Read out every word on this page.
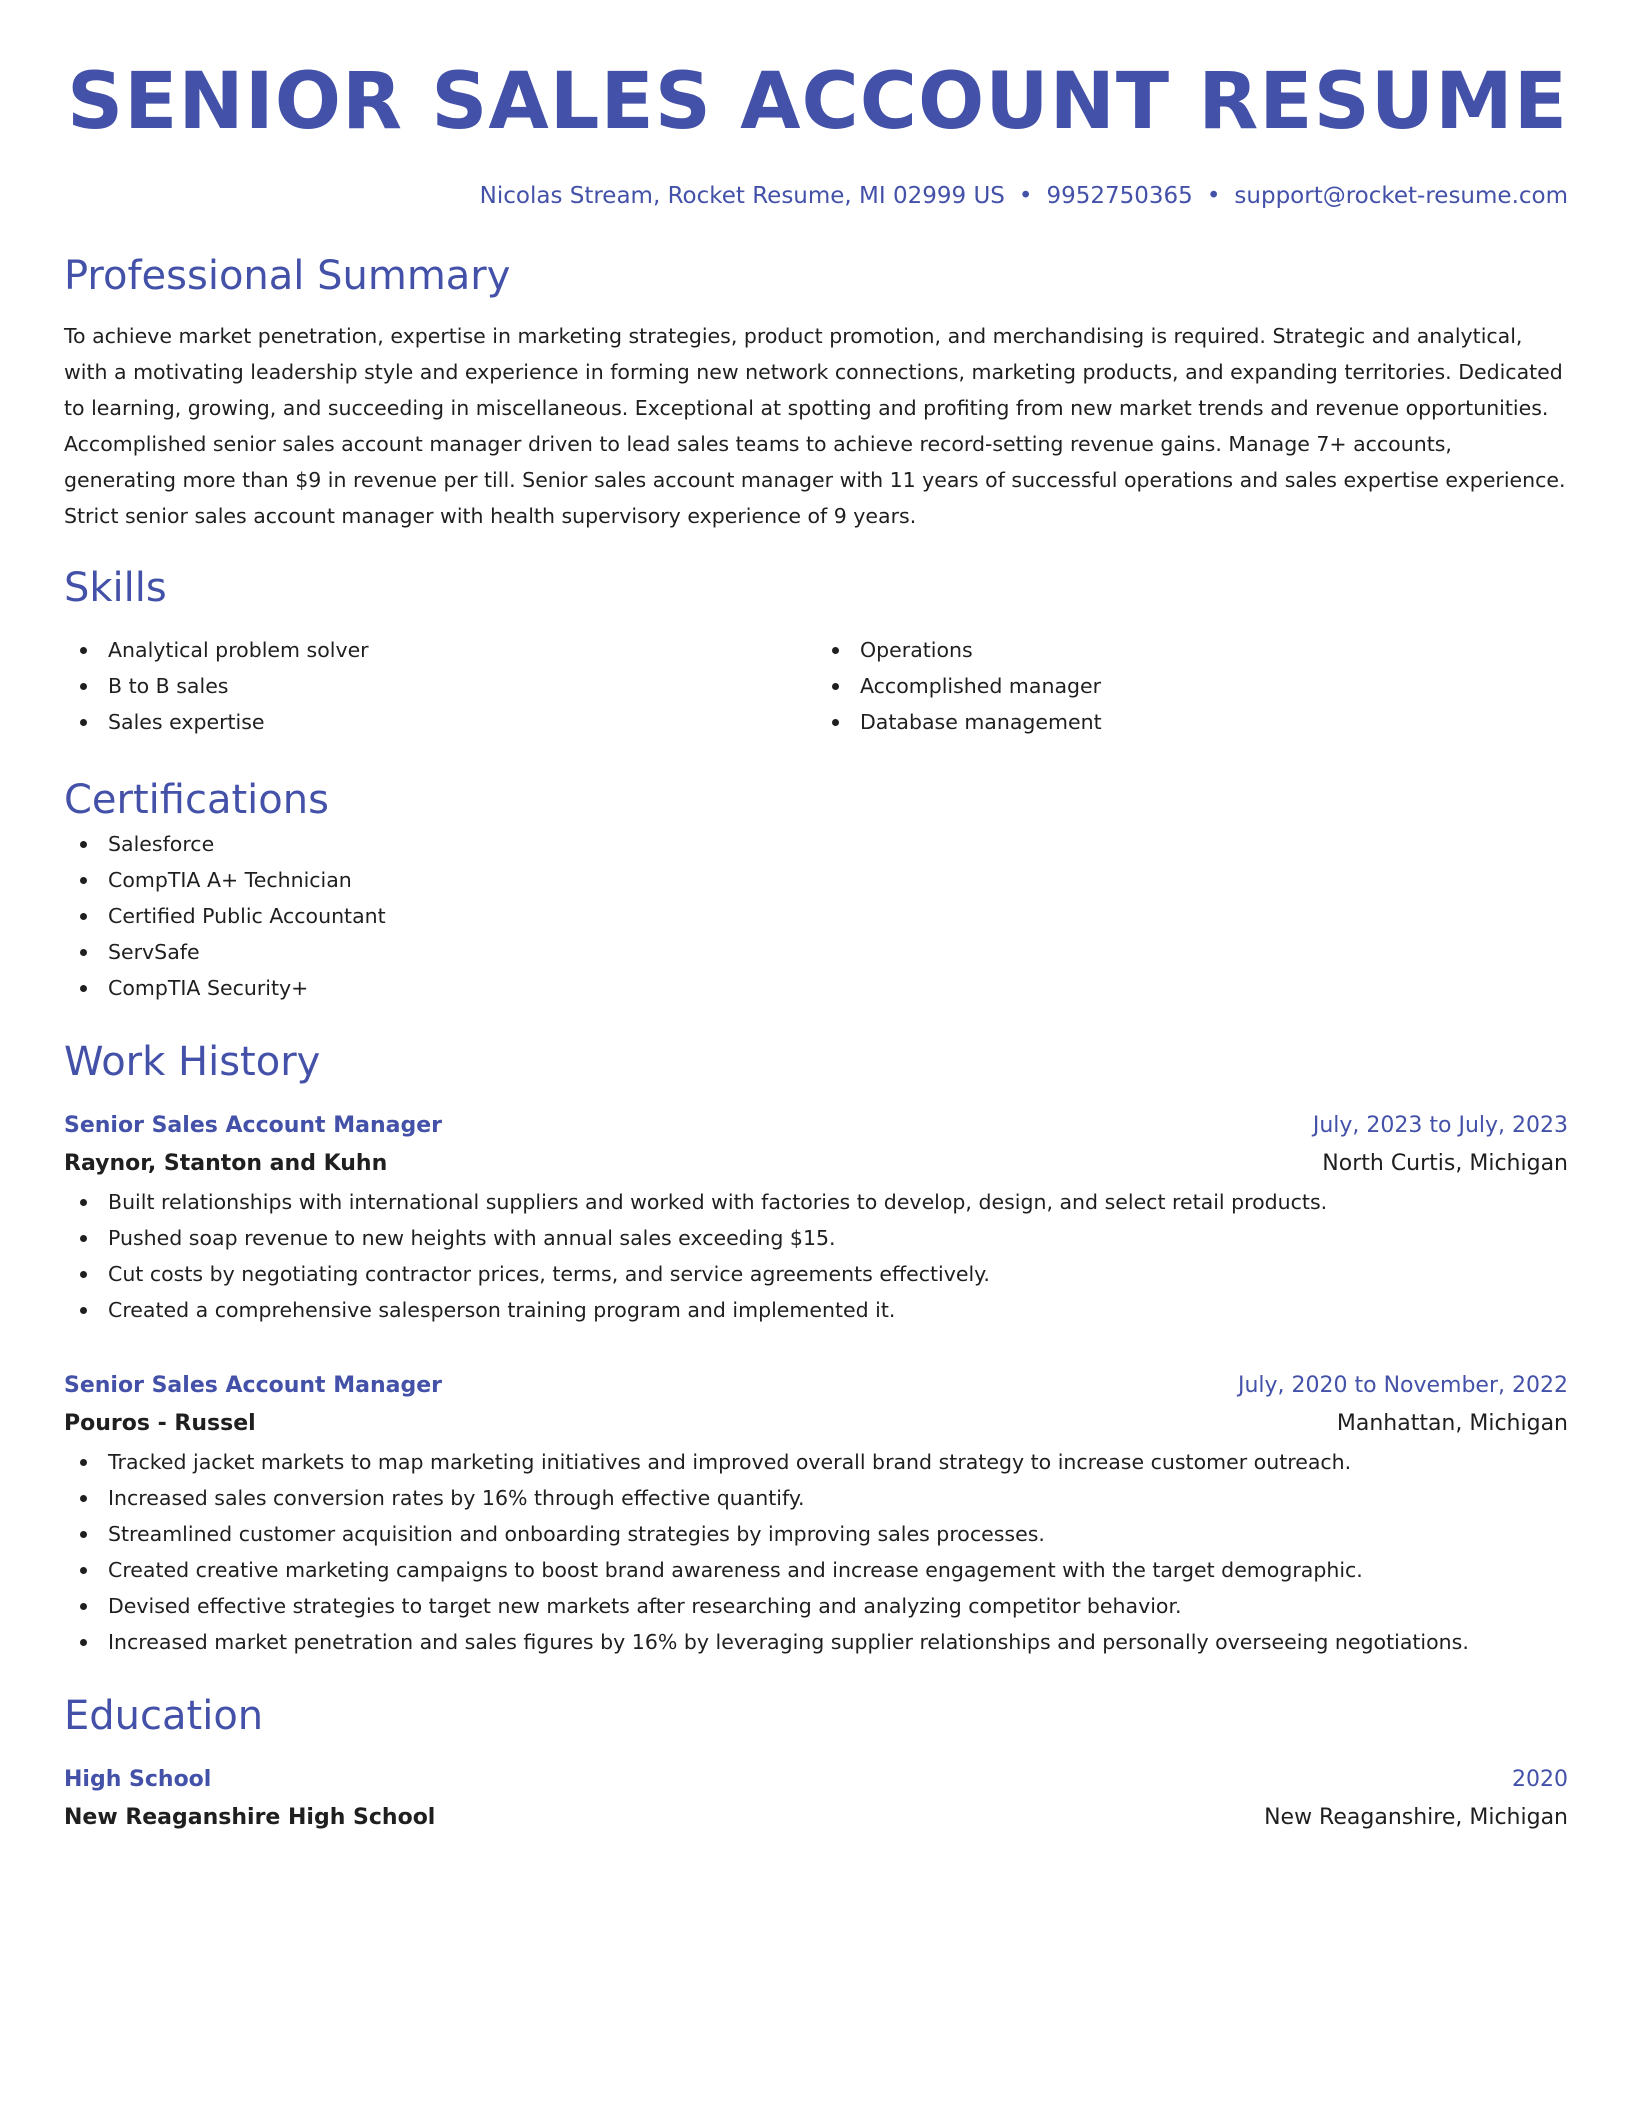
SENIOR SALES ACCOUNT RESUME
Nicolas Stream, Rocket Resume, MI 02999 US • 9952750365 • support@rocket-resume.com
Professional Summary
To achieve market penetration, expertise in marketing strategies, product promotion, and merchandising is required. Strategic and analytical, with a motivating leadership style and experience in forming new network connections, marketing products, and expanding territories. Dedicated to learning, growing, and succeeding in miscellaneous. Exceptional at spotting and profiting from new market trends and revenue opportunities. Accomplished senior sales account manager driven to lead sales teams to achieve record-setting revenue gains. Manage 7+ accounts, generating more than $9 in revenue per till. Senior sales account manager with 11 years of successful operations and sales expertise experience. Strict senior sales account manager with health supervisory experience of 9 years.
Skills
Analytical problem solver
B to B sales
Sales expertise
Operations
Accomplished manager
Database management
Certifications
Salesforce
CompTIA A+ Technician
Certified Public Accountant
ServSafe
CompTIA Security+
Work History
Senior Sales Account Manager	July, 2023 to July, 2023
Raynor, Stanton and Kuhn	North Curtis, Michigan
Built relationships with international suppliers and worked with factories to develop, design, and select retail products.
Pushed soap revenue to new heights with annual sales exceeding $15.
Cut costs by negotiating contractor prices, terms, and service agreements effectively.
Created a comprehensive salesperson training program and implemented it.
Senior Sales Account Manager	July, 2020 to November, 2022
Pouros - Russel	Manhattan, Michigan
Tracked jacket markets to map marketing initiatives and improved overall brand strategy to increase customer outreach.
Increased sales conversion rates by 16% through effective quantify.
Streamlined customer acquisition and onboarding strategies by improving sales processes.
Created creative marketing campaigns to boost brand awareness and increase engagement with the target demographic.
Devised effective strategies to target new markets after researching and analyzing competitor behavior.
Increased market penetration and sales figures by 16% by leveraging supplier relationships and personally overseeing negotiations.
Education
High School	2020
New Reaganshire High School	New Reaganshire, Michigan
